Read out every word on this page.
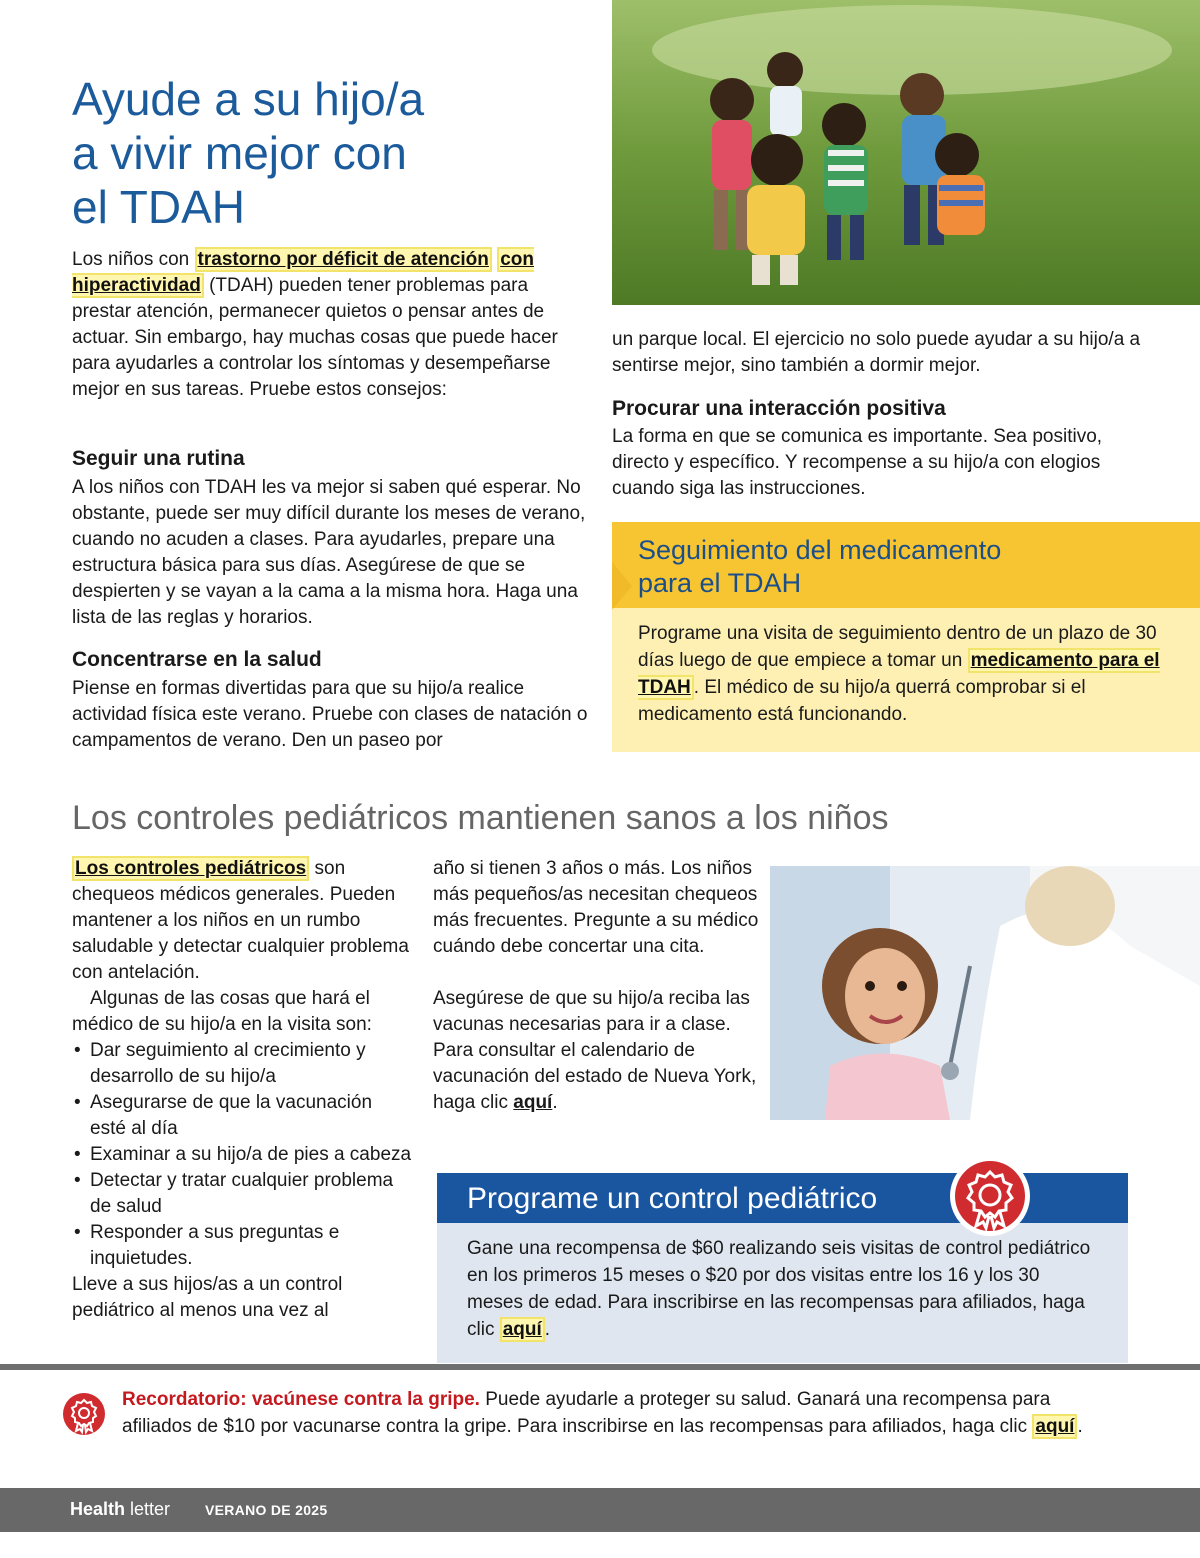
Ayude a su hijo/a
a vivir mejor con
el TDAH

Los niños con trastorno por déficit de atención con hiperactividad (TDAH) pueden tener problemas para prestar atención, permanecer quietos o pensar antes de actuar. Sin embargo, hay muchas cosas que puede hacer para ayudarles a controlar los síntomas y desempeñarse mejor en sus tareas. Pruebe estos consejos:

Seguir una rutina

A los niños con TDAH les va mejor si saben qué esperar. No obstante, puede ser muy difícil durante los meses de verano, cuando no acuden a clases. Para ayudarles, prepare una estructura básica para sus días. Asegúrese de que se despierten y se vayan a la cama a la misma hora. Haga una lista de las reglas y horarios.

Concentrarse en la salud

Piense en formas divertidas para que su hijo/a realice actividad física este verano. Pruebe con clases de natación o campamentos de verano. Den un paseo por

un parque local. El ejercicio no solo puede ayudar a su hijo/a a sentirse mejor, sino también a dormir mejor.

Procurar una interacción positiva

La forma en que se comunica es importante. Sea positivo, directo y específico. Y recompense a su hijo/a con elogios cuando siga las instrucciones.

Seguimiento del medicamento
para el TDAH

Programe una visita de seguimiento dentro de un plazo de 30 días luego de que empiece a tomar un medicamento para el TDAH . El médico de su hijo/a querrá comprobar si el medicamento está funcionando.

Los controles pediátricos mantienen sanos a los niños

Los controles pediátricos son chequeos médicos generales. Pueden mantener a los niños en un rumbo saludable y detectar cualquier problema con antelación.

Algunas de las cosas que hará el médico de su hijo/a en la visita son:

• Dar seguimiento al crecimiento y desarrollo de su hijo/a
• Asegurarse de que la vacunación esté al día
• Examinar a su hijo/a de pies a cabeza
• Detectar y tratar cualquier problema de salud
• Responder a sus preguntas e inquietudes.

Lleve a sus hijos/as a un control pediátrico al menos una vez al

año si tienen 3 años o más. Los niños más pequeños/as necesitan chequeos más frecuentes. Pregunte a su médico cuándo debe concertar una cita.

Asegúrese de que su hijo/a reciba las vacunas necesarias para ir a clase. Para consultar el calendario de vacunación del estado de Nueva York, haga clic aquí.

Programe un control pediátrico

Gane una recompensa de $60 realizando seis visitas de control pediátrico en los primeros 15 meses o $20 por dos visitas entre los 16 y los 30 meses de edad. Para inscribirse en las recompensas para afiliados, haga clic aquí .

Recordatorio: vacúnese contra la gripe. Puede ayudarle a proteger su salud. Ganará una recompensa para afiliados de $10 por vacunarse contra la gripe. Para inscribirse en las recompensas para afiliados, haga clic aquí .

Health letter VERANO DE 2025
